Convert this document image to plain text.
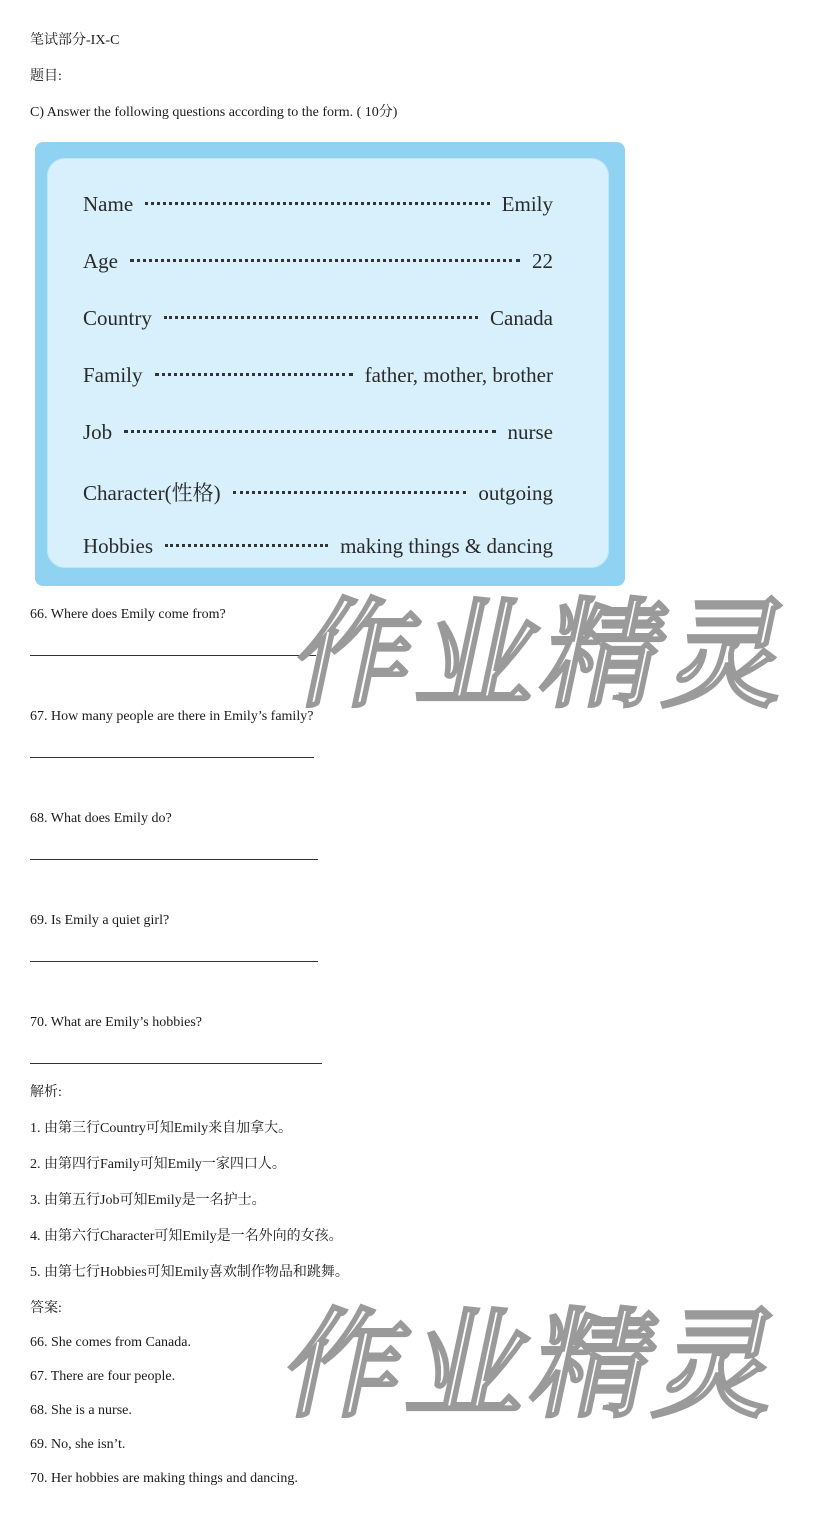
笔试部分-IX-C
题目:
C) Answer the following questions according to the form. ( 10分)
Name	Emily
Age	22
Country	Canada
Family	father, mother, brother
Job	nurse
Character(性格)	outgoing
Hobbies	making things & dancing
66. Where does Emily come from?
67. How many people are there in Emily’s family?
68. What does Emily do?
69. Is Emily a quiet girl?
70. What are Emily’s hobbies?
解析:
1. 由第三行Country可知Emily来自加拿大。
2. 由第四行Family可知Emily一家四口人。
3. 由第五行Job可知Emily是一名护士。
4. 由第六行Character可知Emily是一名外向的女孩。
5. 由第七行Hobbies可知Emily喜欢制作物品和跳舞。
答案:
66. She comes from Canada.
67. There are four people.
68. She is a nurse.
69. No, she isn’t.
70. Her hobbies are making things and dancing.
作业精灵
作业精灵
